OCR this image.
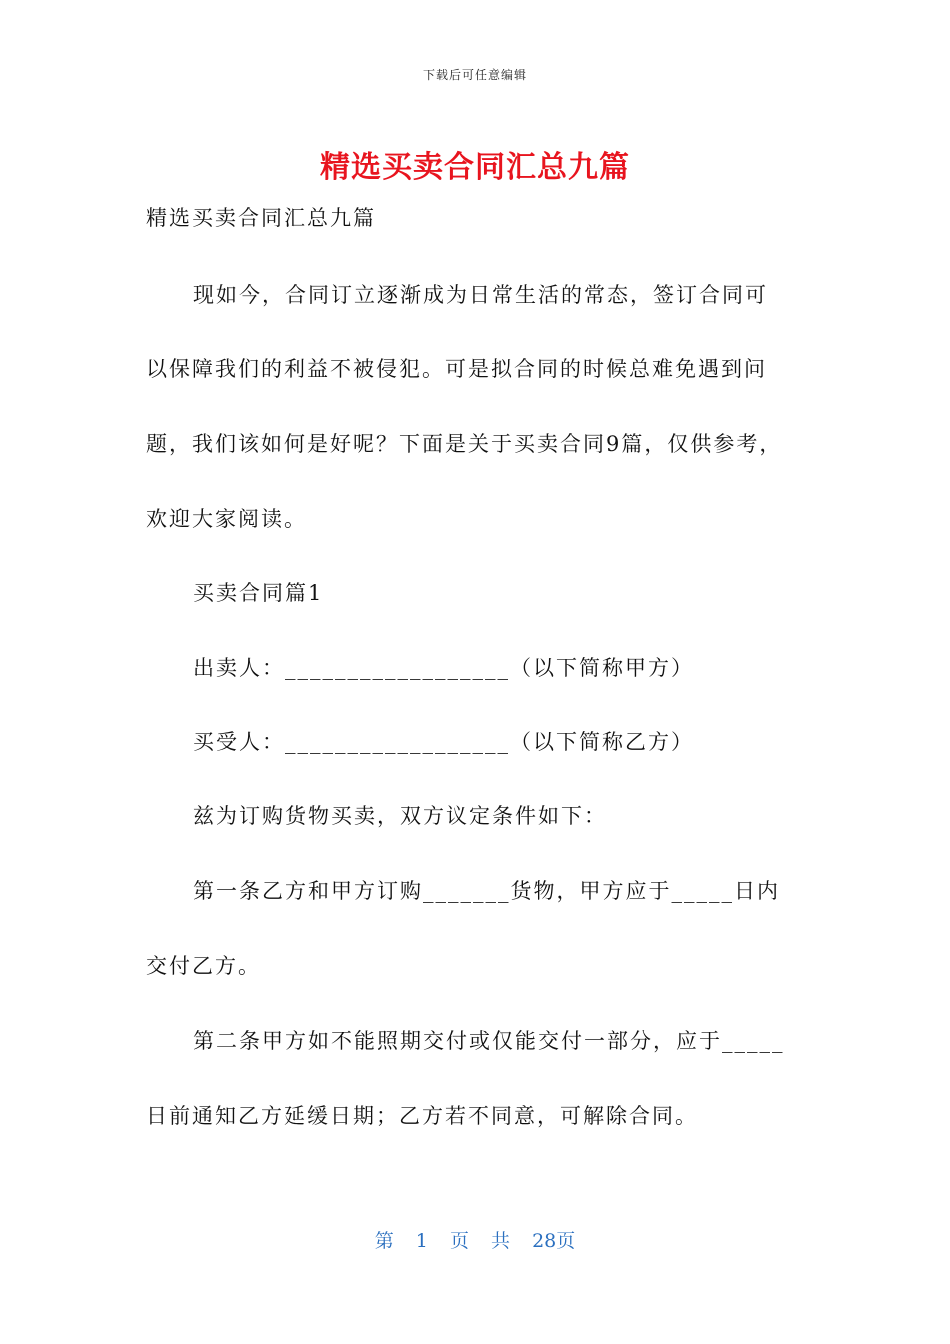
下载后可任意编辑
精选买卖合同汇总九篇
精选买卖合同汇总九篇
现如今，合同订立逐渐成为日常生活的常态，签订合同可
以保障我们的利益不被侵犯。可是拟合同的时候总难免遇到问
题，我们该如何是好呢？下面是关于买卖合同9篇，仅供参考，
欢迎大家阅读。
买卖合同篇1
出卖人：__________________（以下简称甲方）
买受人：__________________（以下简称乙方）
兹为订购货物买卖，双方议定条件如下：
第一条乙方和甲方订购_______货物，甲方应于_____日内
交付乙方。
第二条甲方如不能照期交付或仅能交付一部分，应于_____
日前通知乙方延缓日期；乙方若不同意，可解除合同。
第 1 页 共 28页
